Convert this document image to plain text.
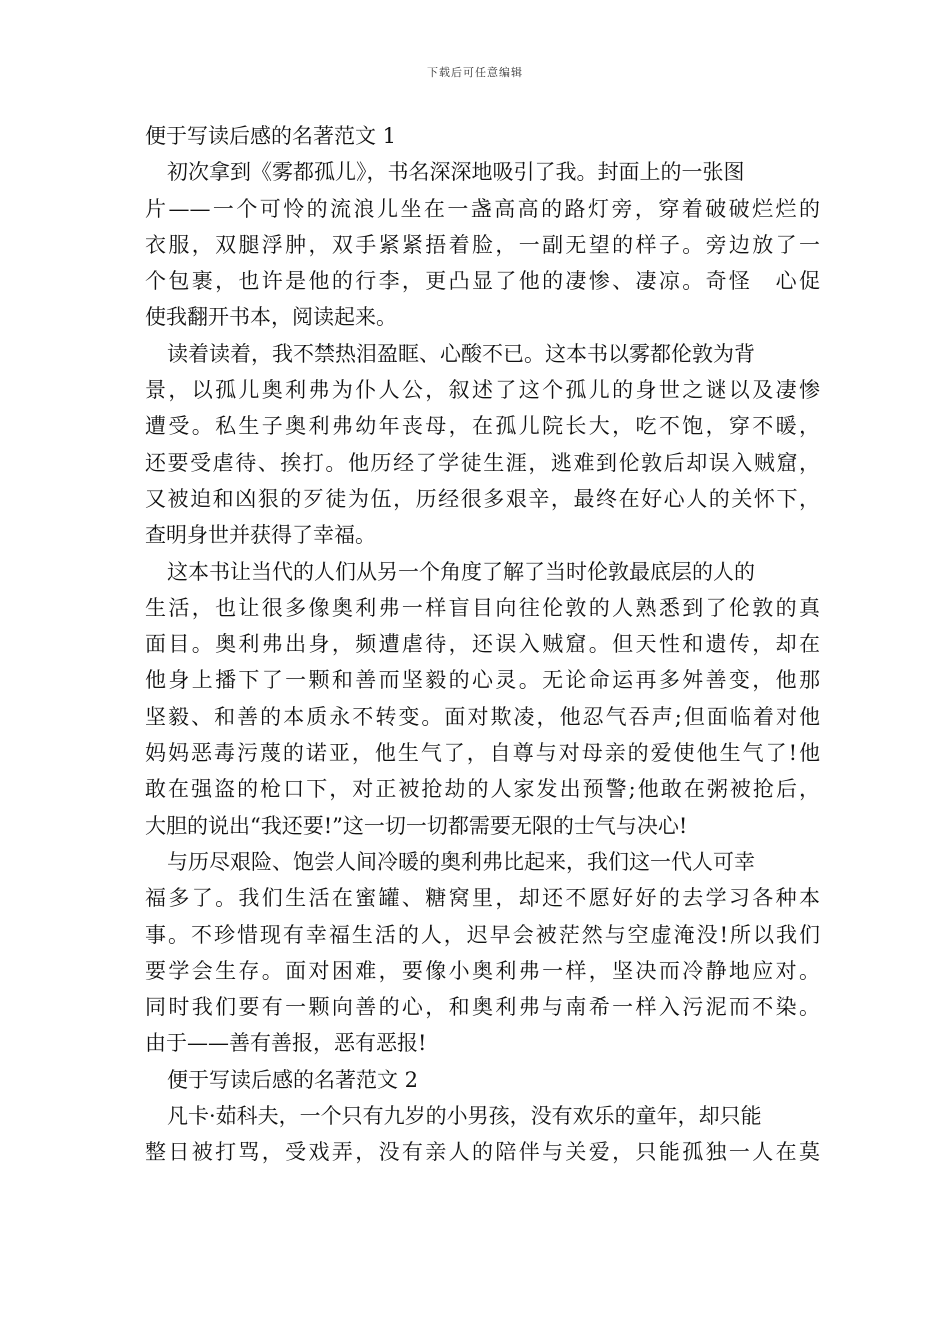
下载后可任意编辑
便于写读后感的名著范文 1
初次拿到《雾都孤儿》，书名深深地吸引了我。封面上的一张图
片——一个可怜的流浪儿坐在一盏高高的路灯旁，穿着破破烂烂的
衣服，双腿浮肿，双手紧紧捂着脸，一副无望的样子。旁边放了一
个包裹，也许是他的行李，更凸显了他的凄惨、凄凉。奇怪　心促
使我翻开书本，阅读起来。
读着读着，我不禁热泪盈眶、心酸不已。这本书以雾都伦敦为背
景，以孤儿奥利弗为仆人公，叙述了这个孤儿的身世之谜以及凄惨
遭受。私生子奥利弗幼年丧母，在孤儿院长大，吃不饱，穿不暖，
还要受虐待、挨打。他历经了学徒生涯，逃难到伦敦后却误入贼窟，
又被迫和凶狠的歹徒为伍，历经很多艰辛，最终在好心人的关怀下，
查明身世并获得了幸福。
这本书让当代的人们从另一个角度了解了当时伦敦最底层的人的
生活，也让很多像奥利弗一样盲目向往伦敦的人熟悉到了伦敦的真
面目。奥利弗出身，频遭虐待，还误入贼窟。但天性和遗传，却在
他身上播下了一颗和善而坚毅的心灵。无论命运再多舛善变，他那
坚毅、和善的本质永不转变。面对欺凌，他忍气吞声;但面临着对他
妈妈恶毒污蔑的诺亚，他生气了，自尊与对母亲的爱使他生气了!他
敢在强盗的枪口下，对正被抢劫的人家发出预警;他敢在粥被抢后，
大胆的说出“我还要!”这一切一切都需要无限的士气与决心!
与历尽艰险、饱尝人间冷暖的奥利弗比起来，我们这一代人可幸
福多了。我们生活在蜜罐、糖窝里，却还不愿好好的去学习各种本
事。不珍惜现有幸福生活的人，迟早会被茫然与空虚淹没!所以我们
要学会生存。面对困难，要像小奥利弗一样，坚决而冷静地应对。
同时我们要有一颗向善的心，和奥利弗与南希一样入污泥而不染。
由于——善有善报，恶有恶报!
便于写读后感的名著范文 2
凡卡·茹科夫，一个只有九岁的小男孩，没有欢乐的童年，却只能
整日被打骂，受戏弄，没有亲人的陪伴与关爱，只能孤独一人在莫
